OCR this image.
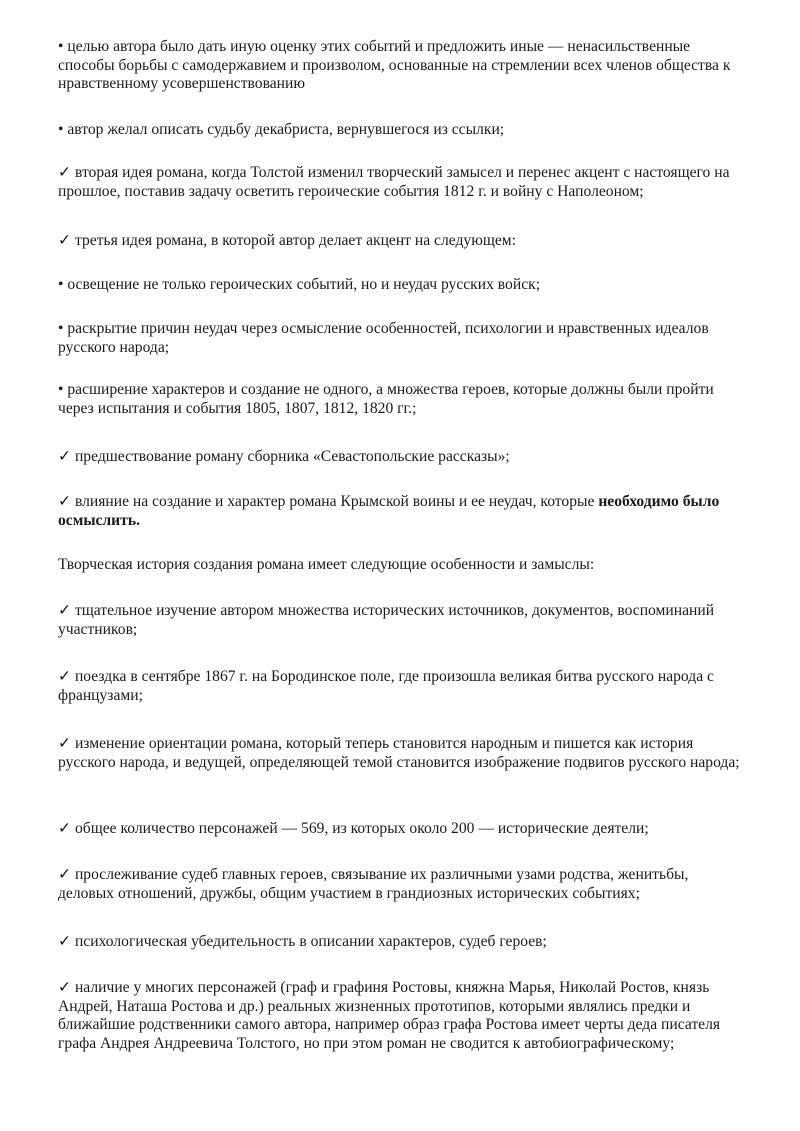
• целью автора было дать иную оценку этих событий и предложить иные — ненасильственные способы борьбы с самодержавием и произволом, основанные на стремлении всех членов общества к нравственному усовершенствованию

• автор желал описать судьбу декабриста, вернувшегося из ссылки;

✓ вторая идея романа, когда Толстой изменил творческий замысел и перенес акцент с настоящего на прошлое, поставив задачу осветить героические события 1812 г. и войну с Наполеоном;

✓ третья идея романа, в которой автор делает акцент на следующем:

• освещение не только героических событий, но и неудач русских войск;

• раскрытие причин неудач через осмысление особенностей, психологии и нравственных идеалов русского народа;

• расширение характеров и создание не одного, а множества героев, которые должны были пройти через испытания и события 1805, 1807, 1812, 1820 гг.;

✓ предшествование роману сборника «Севастопольские рассказы»;

✓ влияние на создание и характер романа Крымской воины и ее неудач, которые необходимо было осмыслить.

Творческая история создания романа имеет следующие особенности и замыслы:

✓ тщательное изучение автором множества исторических источников, документов, воспоминаний участников;

✓ поездка в сентябре 1867 г. на Бородинское поле, где произошла великая битва русского народа с французами;

✓ изменение ориентации романа, который теперь становится народным и пишется как история русского народа, и ведущей, определяющей темой становится изображение подвигов русского народа;

✓ общее количество персонажей — 569, из которых около 200 — исторические деятели;

✓ прослеживание судеб главных героев, связывание их различными узами родства, женитьбы, деловых отношений, дружбы, общим участием в грандиозных исторических событиях;

✓ психологическая убедительность в описании характеров, судеб героев;

✓ наличие у многих персонажей (граф и графиня Ростовы, княжна Марья, Николай Ростов, князь Андрей, Наташа Ростова и др.) реальных жизненных прототипов, которыми являлись предки и ближайшие родственники самого автора, например образ графа Ростова имеет черты деда писателя графа Андрея Андреевича Толстого, но при этом роман не сводится к автобиографическому;
